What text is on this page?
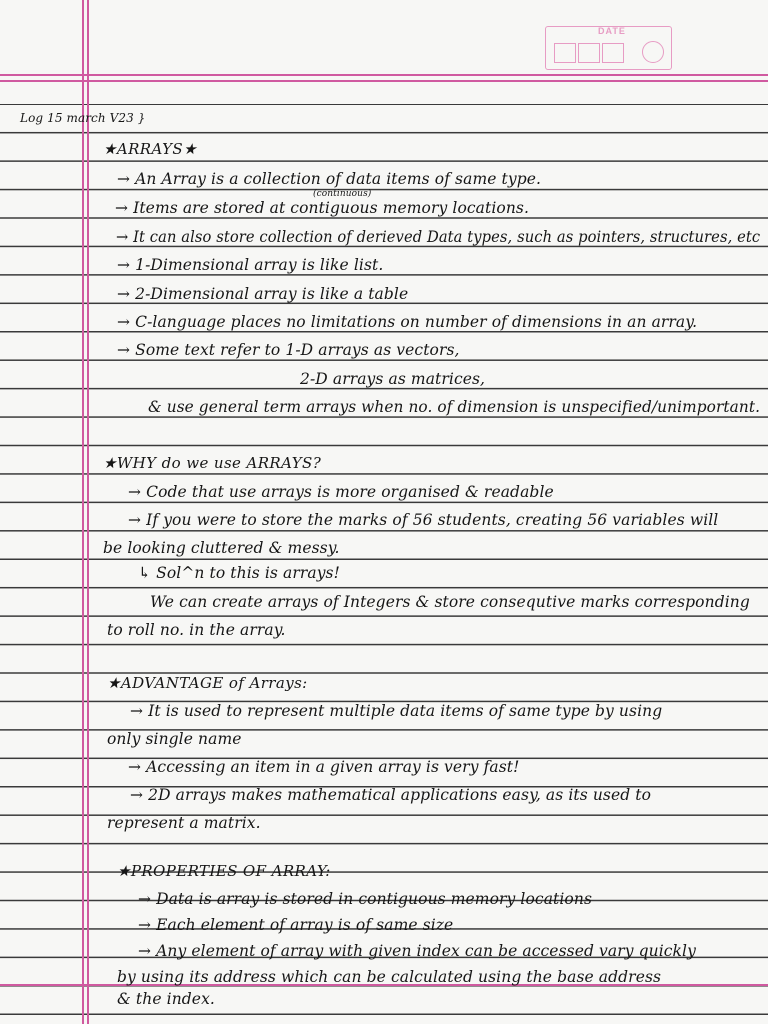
DATE
Log 15 march V23 }
★ARRAYS★
→ An Array is a collection of data items of same type.
(continuous)
→ Items are stored at contiguous memory locations.
→ It can also store collection of derieved Data types, such as pointers, structures, etc
→ 1-Dimensional array is like list.
→ 2-Dimensional array is like a table
→ C-language places no limitations on number of dimensions in an array.
→ Some text refer to 1-D arrays as vectors,
2-D arrays as matrices,
& use general term arrays when no. of dimension is unspecified/unimportant.
★WHY do we use ARRAYS?
→ Code that use arrays is more organised & readable
→ If you were to store the marks of 56 students, creating 56 variables will
be looking cluttered & messy.
↳ Sol^n to this is arrays!
We can create arrays of Integers & store consequtive marks corresponding
to roll no. in the array.
★ADVANTAGE of Arrays:
→ It is used to represent multiple data items of same type by using
only single name
→ Accessing an item in a given array is very fast!
→ 2D arrays makes mathematical applications easy, as its used to
represent a matrix.
★PROPERTIES OF ARRAY:
→ Data is array is stored in contiguous memory locations
→ Each element of array is of same size
→ Any element of array with given index can be accessed vary quickly
by using its address which can be calculated using the base address
& the index.
